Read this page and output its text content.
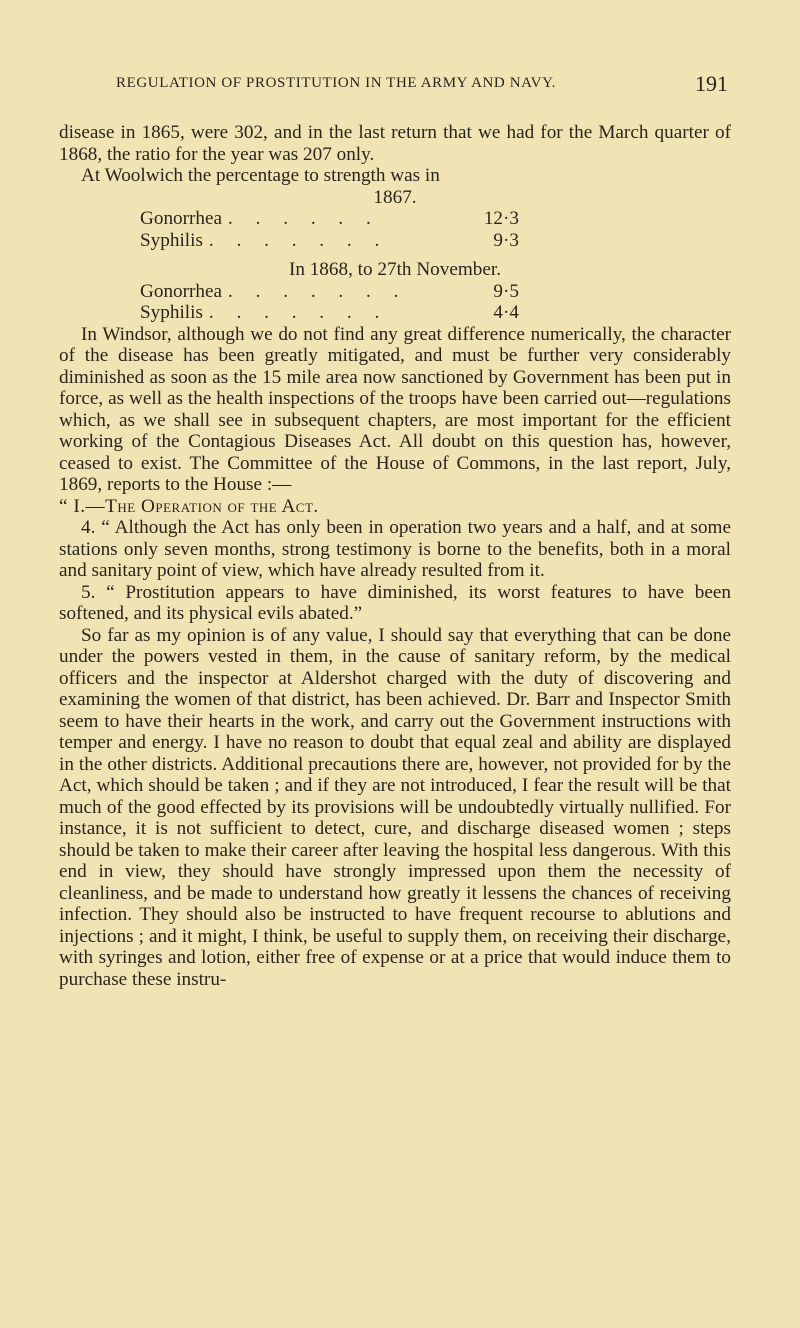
REGULATION OF PROSTITUTION IN THE ARMY AND NAVY.	191

disease in 1865, were 302, and in the last return that we had for the March quarter of 1868, the ratio for the year was 207 only.

At Woolwich the percentage to strength was in

1867.

Gonorrhea . . . . . .	12·3
Syphilis . . . . . . .	9·3

In 1868, to 27th November.

Gonorrhea . . . . . . .	9·5
Syphilis . . . . . . .	4·4

In Windsor, although we do not find any great difference numerically, the character of the disease has been greatly mitigated, and must be further very considerably diminished as soon as the 15 mile area now sanctioned by Government has been put in force, as well as the health inspections of the troops have been carried out—regulations which, as we shall see in subsequent chapters, are most important for the efficient working of the Contagious Diseases Act. All doubt on this question has, however, ceased to exist. The Committee of the House of Commons, in the last report, July, 1869, reports to the House :—

“ I.—The Operation of the Act.

4. “ Although the Act has only been in operation two years and a half, and at some stations only seven months, strong testimony is borne to the benefits, both in a moral and sanitary point of view, which have already resulted from it.

5. “ Prostitution appears to have diminished, its worst features to have been softened, and its physical evils abated.”

So far as my opinion is of any value, I should say that everything that can be done under the powers vested in them, in the cause of sanitary reform, by the medical officers and the inspector at Aldershot charged with the duty of discovering and examining the women of that district, has been achieved. Dr. Barr and Inspector Smith seem to have their hearts in the work, and carry out the Government instructions with temper and energy. I have no reason to doubt that equal zeal and ability are displayed in the other districts. Additional precautions there are, however, not provided for by the Act, which should be taken ; and if they are not introduced, I fear the result will be that much of the good effected by its provisions will be undoubtedly virtually nullified. For instance, it is not sufficient to detect, cure, and discharge diseased women ; steps should be taken to make their career after leaving the hospital less dangerous. With this end in view, they should have strongly impressed upon them the necessity of cleanliness, and be made to understand how greatly it lessens the chances of receiving infection. They should also be instructed to have frequent recourse to ablutions and injections ; and it might, I think, be useful to supply them, on receiving their discharge, with syringes and lotion, either free of expense or at a price that would induce them to purchase these instru-
